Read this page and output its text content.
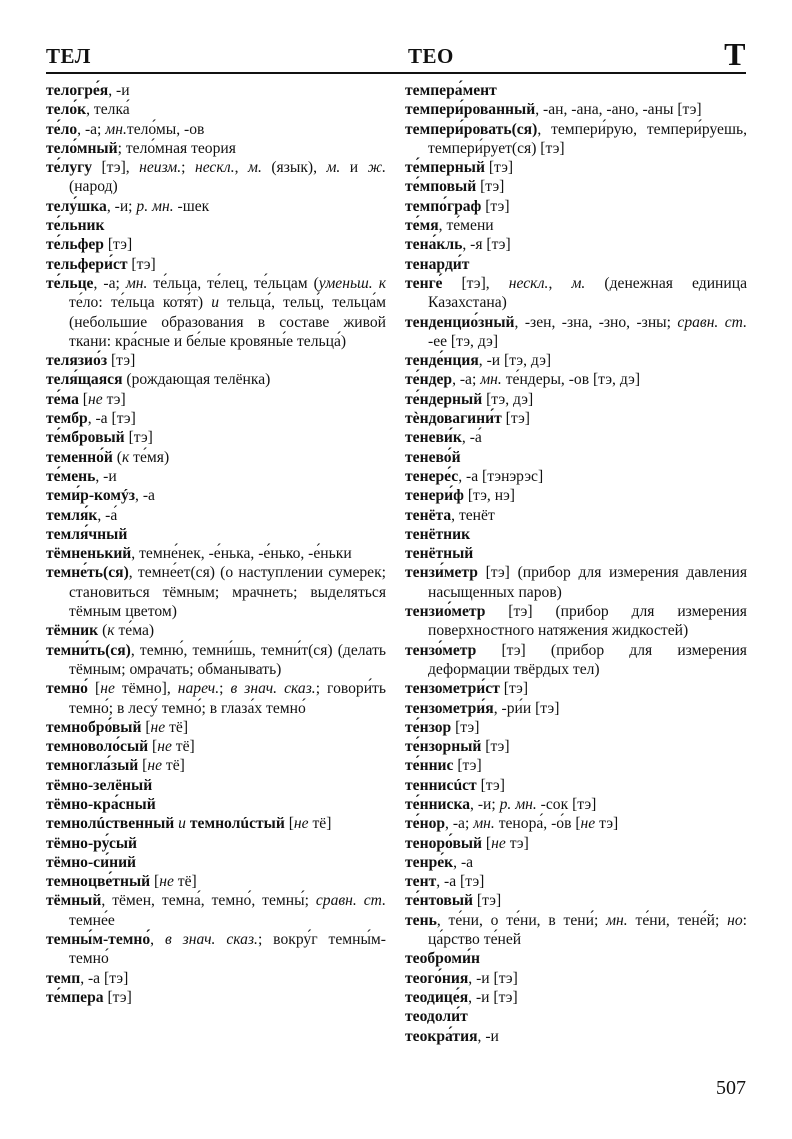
ТЕЛ	ТЕО	Т

телогре́я, -и

тело́к, телка́

те́ло, -а; мн.тело́мы, -ов

тело́мный; тело́мная теория

те́лугу [тэ], неизм.; нескл., м. (язык), м. и ж. (народ)

телу́шка, -и; р. мн. -шек

те́льник

те́льфер [тэ]

тельфери́ст [тэ]

те́льце, -а; мн. те́льца, те́лец, те́льцам (уменьш. к те́ло: те́льца котя́т) и тельца́, тельц́, тельца́м (небольшие образования в составе живой ткани: кра́сные и бе́лые кровяны́е тельца́)

телязио́з [тэ]

теля́щаяся (рождающая телёнка)

те́ма [не тэ]

тембр, -а [тэ]

те́мбровый [тэ]

теменно́й (к те́мя)

те́мень, -и

теми́р-комýз, -а

темля́к, -а́

темля́чный

тёмненький, темне́нек, -е́нька, -е́нько, -е́ньки

темне́ть(ся), темне́ет(ся) (о наступлении сумерек; становиться тёмным; мрачнеть; выделяться тёмным цветом)

тёмник (к те́ма)

темни́ть(ся), темню́, темни́шь, темни́т(ся) (делать тёмным; омрачать; обманывать)

темно́ [не тёмно], нареч.; в знач. сказ.; говори́ть темно́; в лесу́ темно́; в глаза́х темно́

темнобро́вый [не тё]

темноволо́сый [не тё]

темногла́зый [не тё]

тёмно-зелёный

тёмно-кра́сный

темнолúственный и темнолúстый [не тё]

тёмно-ру́сый

тёмно-си́ний

темноцве́тный [не тё]

тёмный, тёмен, темна́, темно́, темны́; сравн. ст. темне́е

темны́м-темно́, в знач. сказ.; вокру́г темны́м-темно́

темп, -а [тэ]

те́мпера [тэ]

темпера́мент

темпери́рованный, -ан, -ана, -ано, -аны [тэ]

темпери́ровать(ся), темпери́рую, темпери́руешь, темпери́рует(ся) [тэ]

те́мперный [тэ]

те́мповый [тэ]

темпо́граф [тэ]

те́мя, те́мени

тена́кль, -я [тэ]

тенарди́т

тенге́ [тэ], нескл., м. (денежная единица Казахстана)

тенденцио́зный, -зен, -зна, -зно, -зны; сравн. ст. -ее [тэ, дэ]

тенде́нция, -и [тэ, дэ]

те́ндер, -а; мн. те́ндеры, -ов [тэ, дэ]

те́ндерный [тэ, дэ]

тѐндовагини́т [тэ]

теневи́к, -а́

тенево́й

тенере́с, -а [тэнэрэс]

тенери́ф [тэ, нэ]

тенёта, тенёт

тенётник

тенётный

тензи́метр [тэ] (прибор для измерения давления насыщенных паров)

тензио́метр [тэ] (прибор для измерения поверхностного натяжения жидкостей)

тензо́метр [тэ] (прибор для измерения деформации твёрдых тел)

тензометри́ст [тэ]

тензометри́я, -ри́и [тэ]

те́нзор [тэ]

те́нзорный [тэ]

те́ннис [тэ]

теннисúст [тэ]

те́нниска, -и; р. мн. -сок [тэ]

те́нор, -а; мн. тенора́, -о́в [не тэ]

теноро́вый [не тэ]

тенре́к, -а

тент, -а [тэ]

те́нтовый [тэ]

тень, те́ни, о те́ни, в тени́; мн. те́ни, тене́й; но: ца́рство те́ней

теоброми́н

теого́ния, -и [тэ]

теодице́я, -и [тэ]

теодоли́т

теокра́тия, -и

507
